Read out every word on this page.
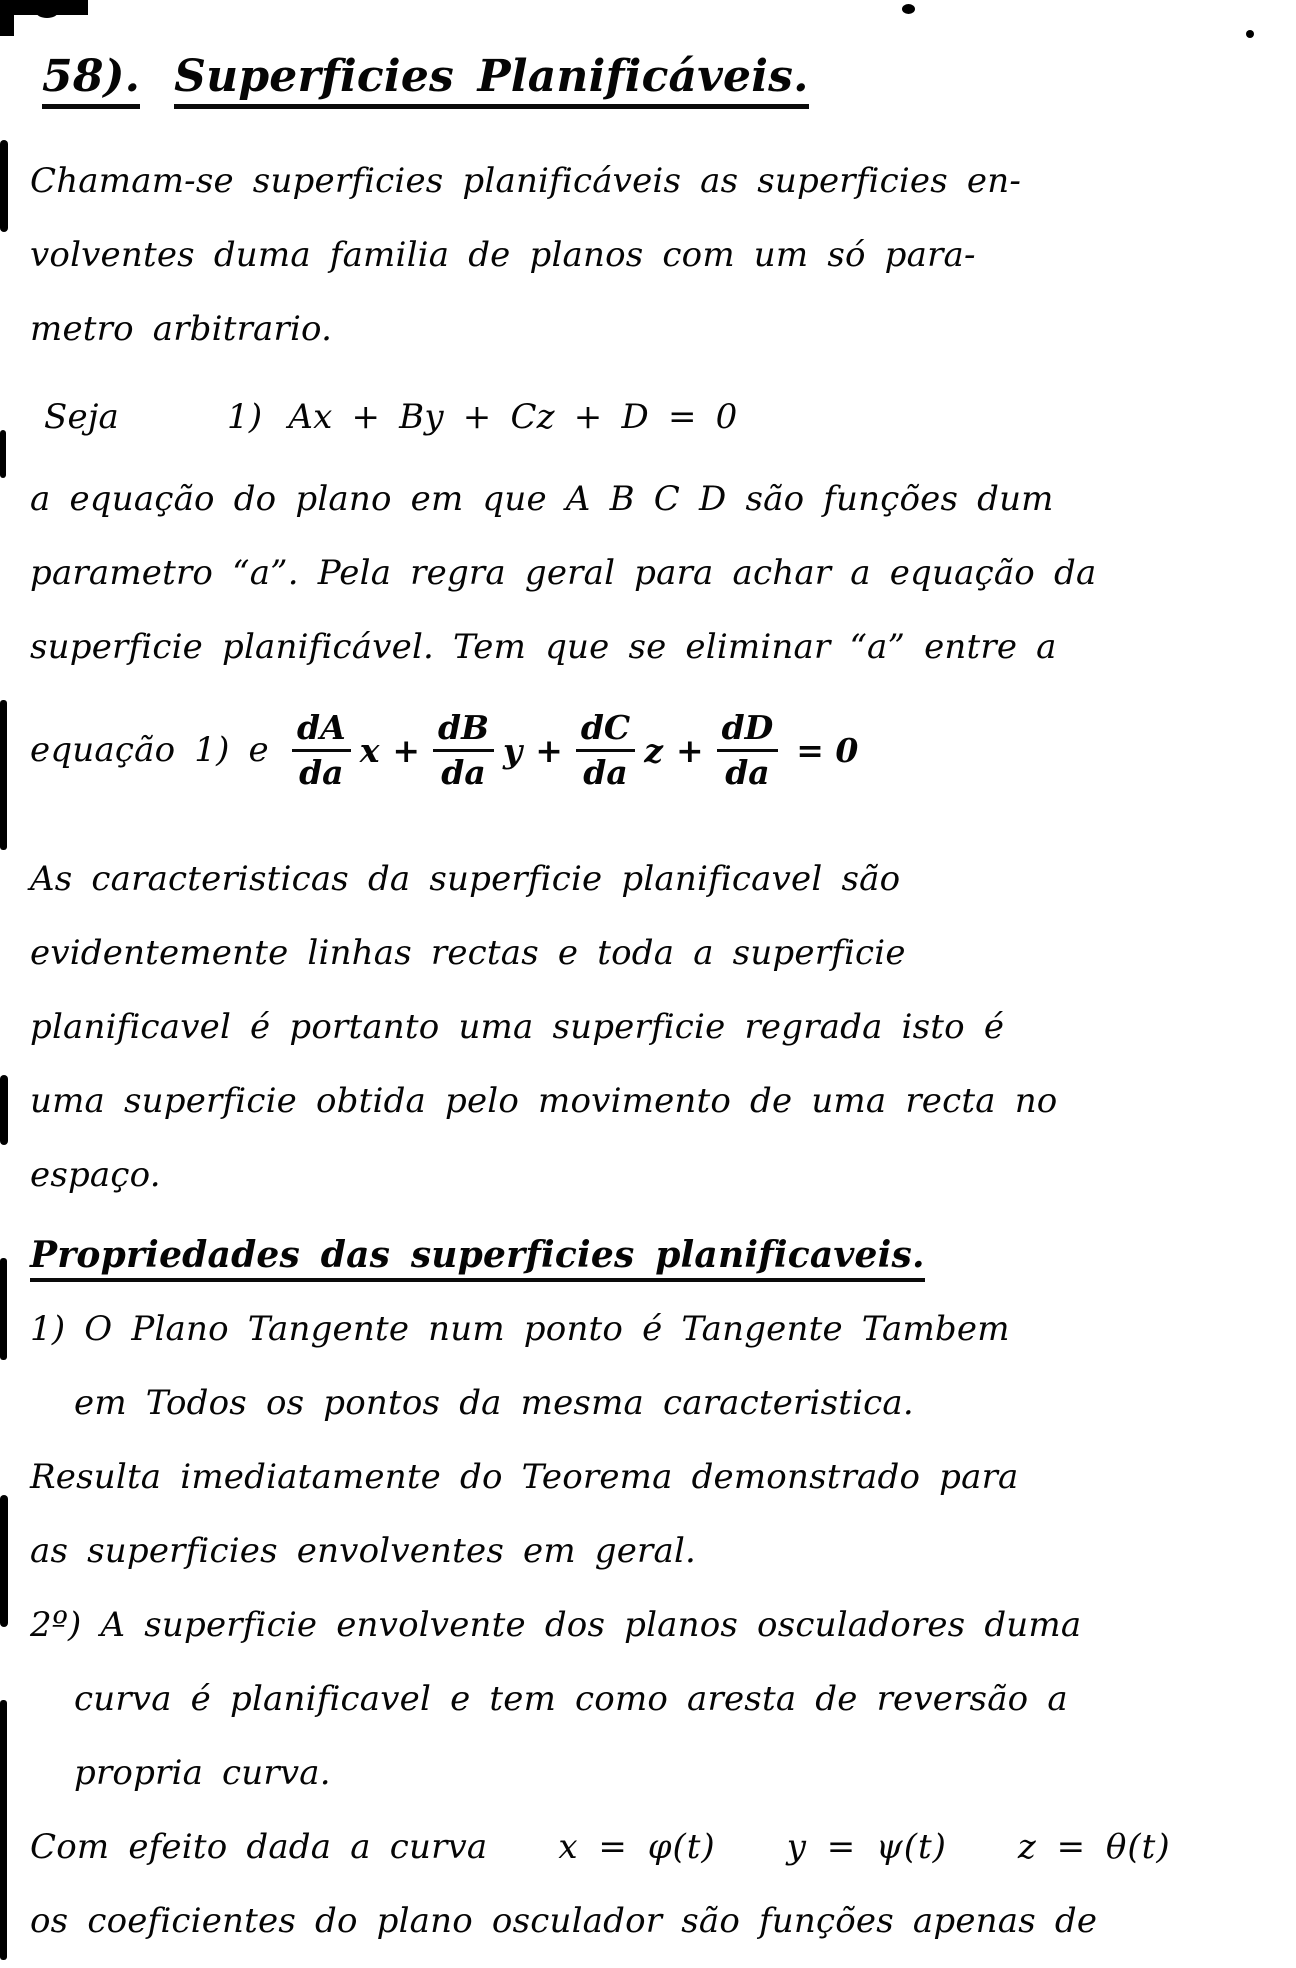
58). Superficies Planificáveis.
Chamam-se superficies planificáveis as superficies en-
volventes duma familia de planos com um só para-
metro arbitrario.
Seja	1) Ax + By + Cz + D = 0
a equação do plano em que A B C D são funções dum
parametro “a”. Pela regra geral para achar a equação da
superficie planificável. Tem que se eliminar “a” entre a
equação 1) e $\frac{dA}{da}$ $x + \frac{dB}{da}$ $y + \frac{dC}{da}$ $z + \frac{dD}{da} = 0$
As caracteristicas da superficie planificavel são
evidentemente linhas rectas e toda a superficie
planificavel é portanto uma superficie regrada isto é
uma superficie obtida pelo movimento de uma recta no
espaço.
Propriedades das superficies planificaveis.
1) O Plano Tangente num ponto é Tangente Tambem
em Todos os pontos da mesma caracteristica.
Resulta imediatamente do Teorema demonstrado para
as superficies envolventes em geral.
2º) A superficie envolvente dos planos osculadores duma
curva é planificavel e tem como aresta de reversão a
propria curva.
Com efeito dada a curva x = φ(t) y = ψ(t) z = θ(t)
os coeficientes do plano osculador são funções apenas de
